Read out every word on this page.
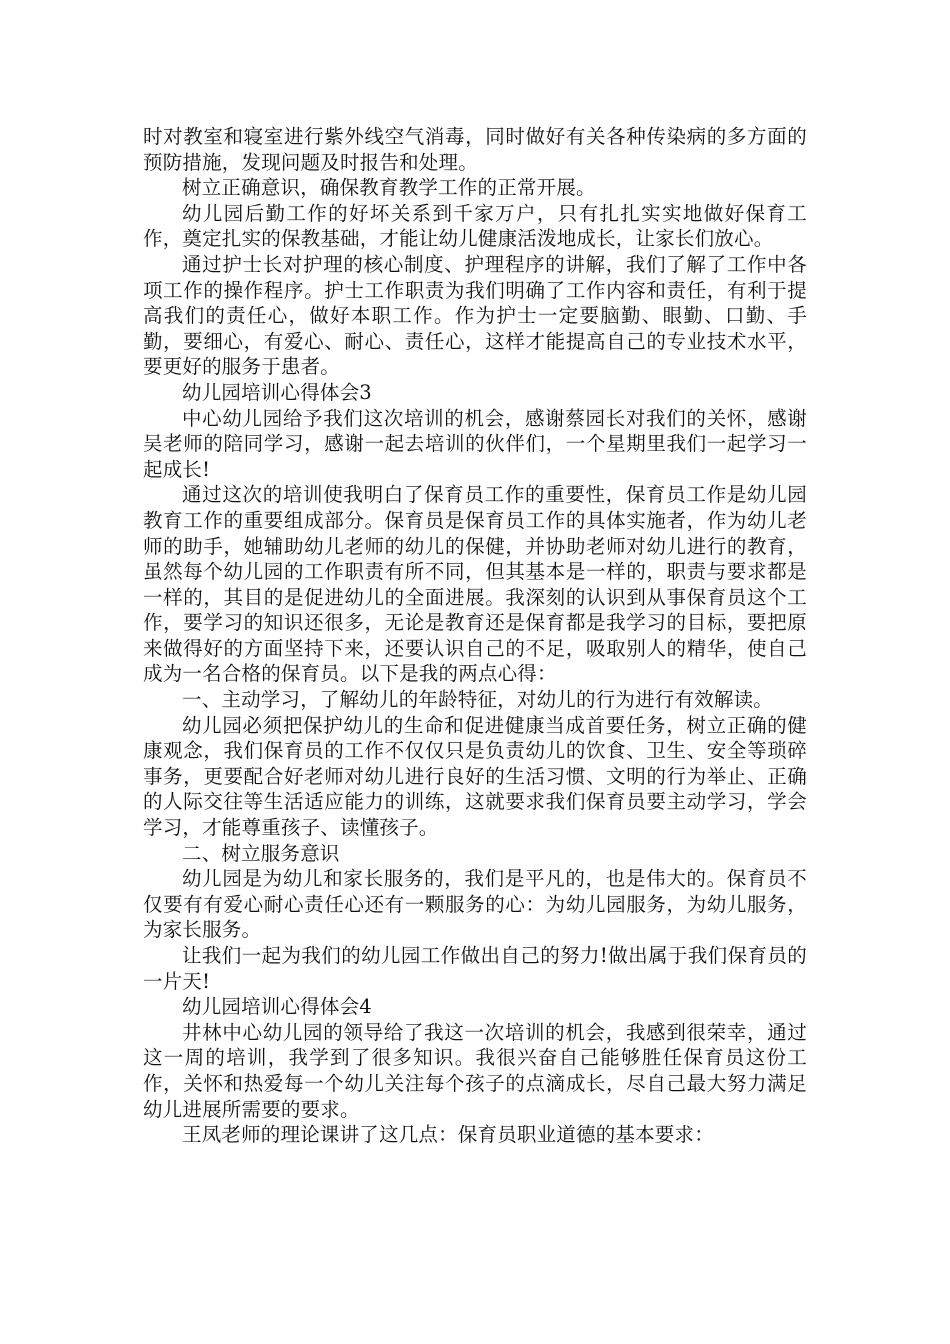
时对教室和寝室进行紫外线空气消毒，同时做好有关各种传染病的多方面的预防措施，发现问题及时报告和处理。

树立正确意识，确保教育教学工作的正常开展。

幼儿园后勤工作的好坏关系到千家万户，只有扎扎实实地做好保育工作，奠定扎实的保教基础，才能让幼儿健康活泼地成长，让家长们放心。

通过护士长对护理的核心制度、护理程序的讲解，我们了解了工作中各项工作的操作程序。护士工作职责为我们明确了工作内容和责任，有利于提高我们的责任心，做好本职工作。作为护士一定要脑勤、眼勤、口勤、手勤，要细心，有爱心、耐心、责任心，这样才能提高自己的专业技术水平，要更好的服务于患者。

幼儿园培训心得体会3

中心幼儿园给予我们这次培训的机会，感谢蔡园长对我们的关怀，感谢吴老师的陪同学习，感谢一起去培训的伙伴们，一个星期里我们一起学习一起成长!

通过这次的培训使我明白了保育员工作的重要性，保育员工作是幼儿园教育工作的重要组成部分。保育员是保育员工作的具体实施者，作为幼儿老师的助手，她辅助幼儿老师的幼儿的保健，并协助老师对幼儿进行的教育，虽然每个幼儿园的工作职责有所不同，但其基本是一样的，职责与要求都是一样的，其目的是促进幼儿的全面进展。我深刻的认识到从事保育员这个工作，要学习的知识还很多，无论是教育还是保育都是我学习的目标，要把原来做得好的方面坚持下来，还要认识自己的不足，吸取别人的精华，使自己成为一名合格的保育员。以下是我的两点心得：

一、主动学习，了解幼儿的年龄特征，对幼儿的行为进行有效解读。

幼儿园必须把保护幼儿的生命和促进健康当成首要任务，树立正确的健康观念，我们保育员的工作不仅仅只是负责幼儿的饮食、卫生、安全等琐碎事务，更要配合好老师对幼儿进行良好的生活习惯、文明的行为举止、正确的人际交往等生活适应能力的训练，这就要求我们保育员要主动学习，学会学习，才能尊重孩子、读懂孩子。

二、树立服务意识

幼儿园是为幼儿和家长服务的，我们是平凡的，也是伟大的。保育员不仅要有有爱心耐心责任心还有一颗服务的心：为幼儿园服务，为幼儿服务，为家长服务。

让我们一起为我们的幼儿园工作做出自己的努力!做出属于我们保育员的一片天!

幼儿园培训心得体会4

井林中心幼儿园的领导给了我这一次培训的机会，我感到很荣幸，通过这一周的培训，我学到了很多知识。我很兴奋自己能够胜任保育员这份工作，关怀和热爱每一个幼儿关注每个孩子的点滴成长，尽自己最大努力满足幼儿进展所需要的要求。

王凤老师的理论课讲了这几点：保育员职业道德的基本要求：
